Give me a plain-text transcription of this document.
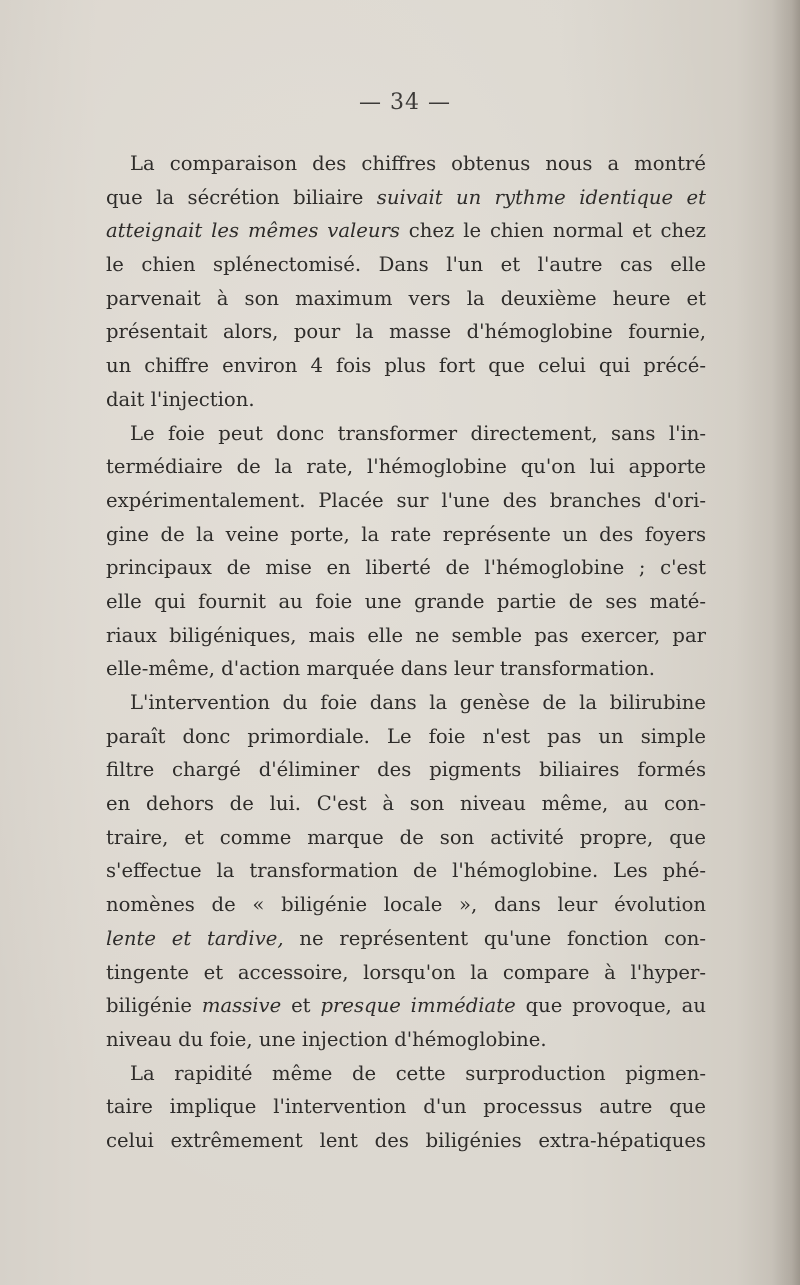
— 34 —
La comparaison des chiffres obtenus nous a montré
que la sécrétion biliaire suivait un rythme identique et
atteignait les mêmes valeurs chez le chien normal et chez
le chien splénectomisé. Dans l'un et l'autre cas elle
parvenait à son maximum vers la deuxième heure et
présentait alors, pour la masse d'hémoglobine fournie,
un chiffre environ 4 fois plus fort que celui qui précé-
dait l'injection.
Le foie peut donc transformer directement, sans l'in-
termédiaire de la rate, l'hémoglobine qu'on lui apporte
expérimentalement. Placée sur l'une des branches d'ori-
gine de la veine porte, la rate représente un des foyers
principaux de mise en liberté de l'hémoglobine ; c'est
elle qui fournit au foie une grande partie de ses maté-
riaux biligéniques, mais elle ne semble pas exercer, par
elle-même, d'action marquée dans leur transformation.
L'intervention du foie dans la genèse de la bilirubine
paraît donc primordiale. Le foie n'est pas un simple
filtre chargé d'éliminer des pigments biliaires formés
en dehors de lui. C'est à son niveau même, au con-
traire, et comme marque de son activité propre, que
s'effectue la transformation de l'hémoglobine. Les phé-
nomènes de « biligénie locale », dans leur évolution
lente et tardive, ne représentent qu'une fonction con-
tingente et accessoire, lorsqu'on la compare à l'hyper-
biligénie massive et presque immédiate que provoque, au
niveau du foie, une injection d'hémoglobine.
La rapidité même de cette surproduction pigmen-
taire implique l'intervention d'un processus autre que
celui extrêmement lent des biligénies extra-hépatiques
